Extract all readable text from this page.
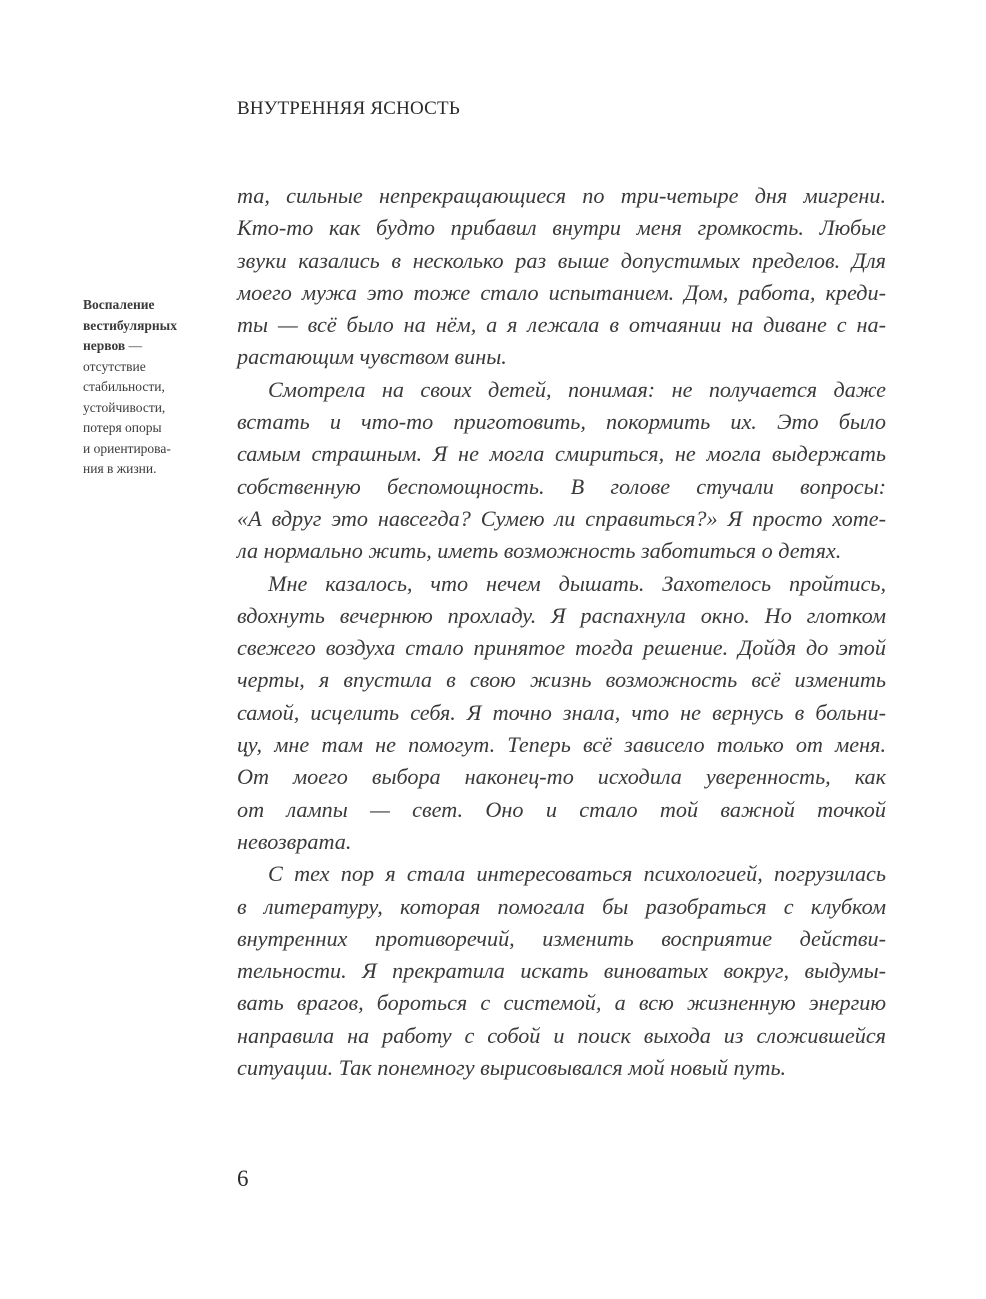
ВНУТРЕННЯЯ ЯСНОСТЬ
Воспаление
вестибулярных
нервов —
отсутствие
стабильности,
устойчивости,
потеря опоры
и ориентирова-
ния в жизни.
та, сильные непрекращающиеся по три-четыре дня мигрени.
Кто-то как будто прибавил внутри меня громкость. Любые
звуки казались в несколько раз выше допустимых пределов. Для
моего мужа это тоже стало испытанием. Дом, работа, креди-
ты — всё было на нём, а я лежала в отчаянии на диване с на-
растающим чувством вины.
Смотрела на своих детей, понимая: не получается даже
встать и что-то приготовить, покормить их. Это было
самым страшным. Я не могла смириться, не могла выдержать
собственную беспомощность. В голове стучали вопросы:
«А вдруг это навсегда? Сумею ли справиться?» Я просто хоте-
ла нормально жить, иметь возможность заботиться о детях.
Мне казалось, что нечем дышать. Захотелось пройтись,
вдохнуть вечернюю прохладу. Я распахнула окно. Но глотком
свежего воздуха стало принятое тогда решение. Дойдя до этой
черты, я впустила в свою жизнь возможность всё изменить
самой, исцелить себя. Я точно знала, что не вернусь в больни-
цу, мне там не помогут. Теперь всё зависело только от меня.
От моего выбора наконец-то исходила уверенность, как
от лампы — свет. Оно и стало той важной точкой
невозврата.
С тех пор я стала интересоваться психологией, погрузилась
в литературу, которая помогала бы разобраться с клубком
внутренних противоречий, изменить восприятие действи-
тельности. Я прекратила искать виноватых вокруг, выдумы-
вать врагов, бороться с системой, а всю жизненную энергию
направила на работу с собой и поиск выхода из сложившейся
ситуации. Так понемногу вырисовывался мой новый путь.
6
